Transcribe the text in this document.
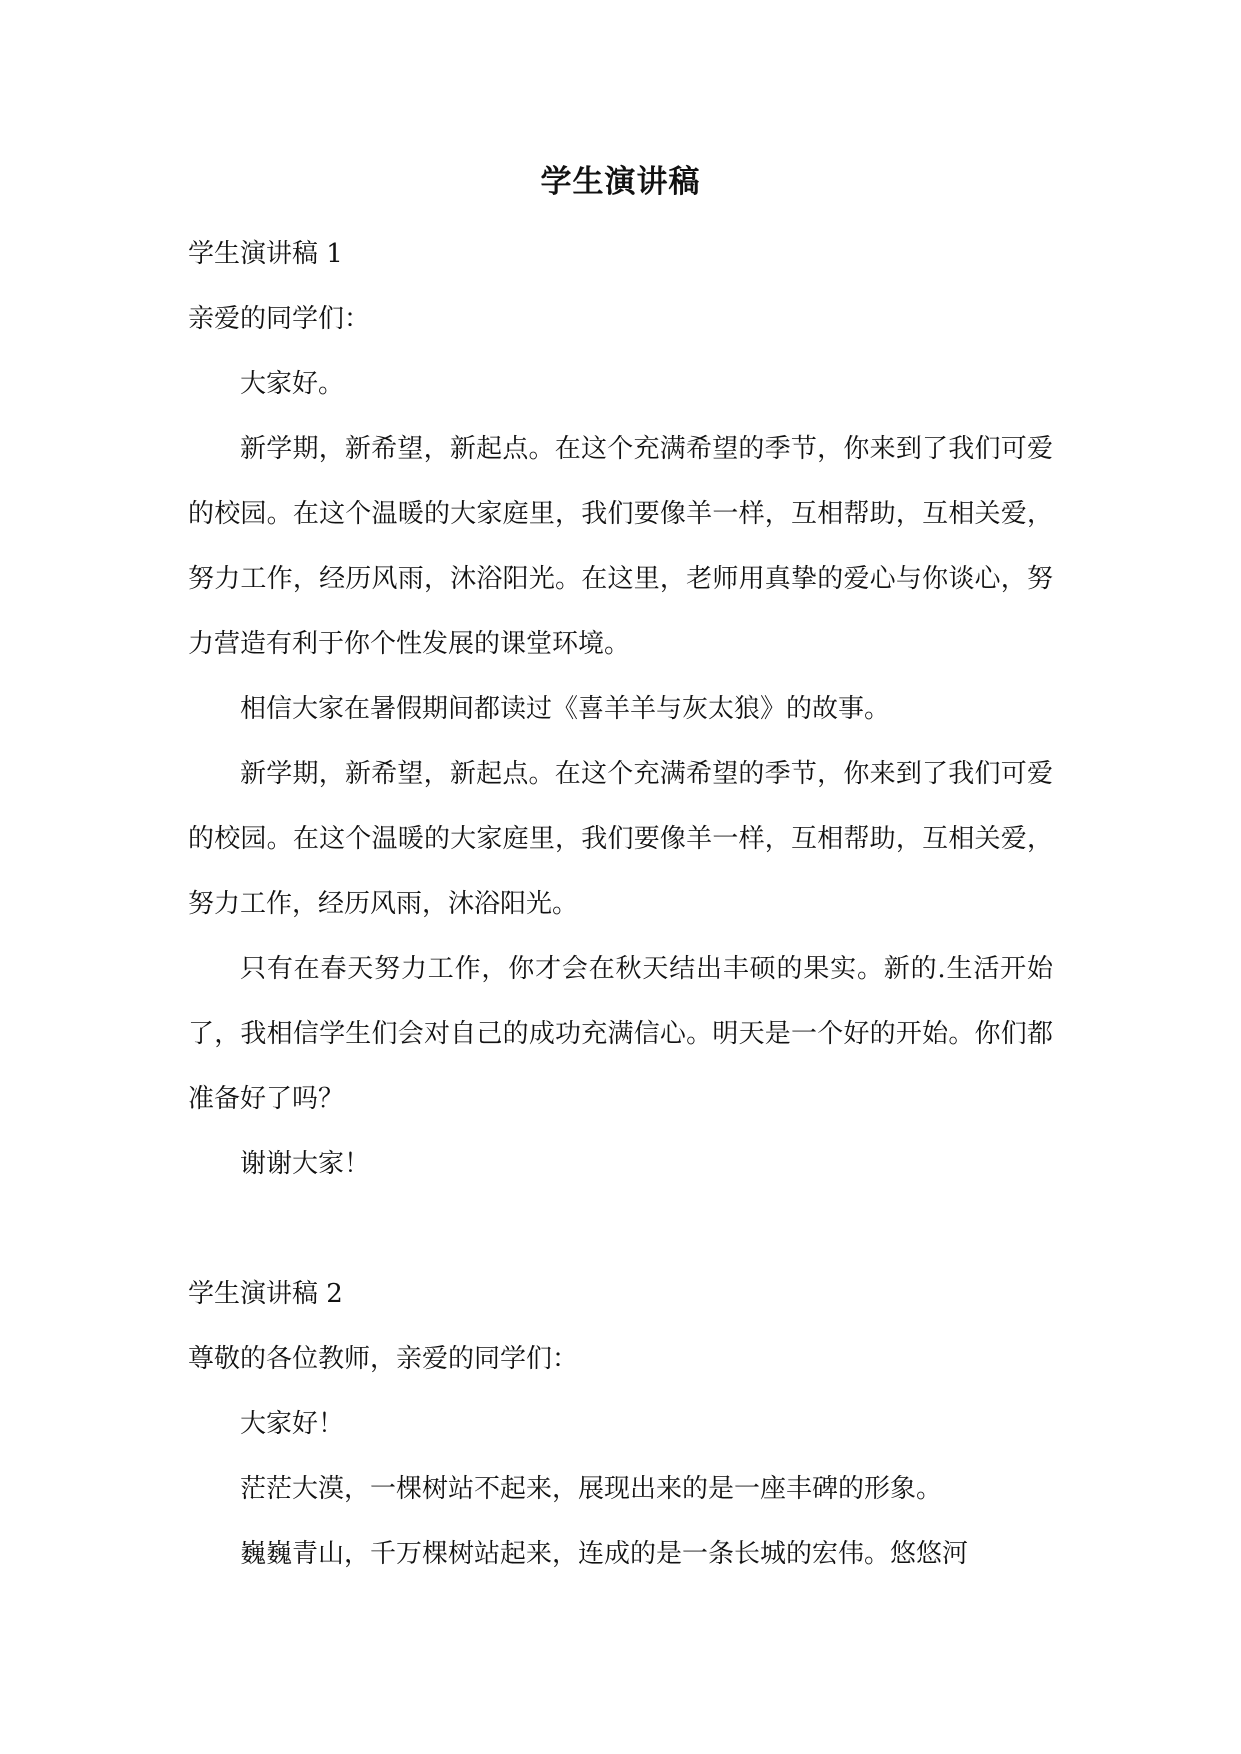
学生演讲稿

学生演讲稿 1

亲爱的同学们：

大家好。

新学期，新希望，新起点。在这个充满希望的季节，你来到了我们可爱的校园。在这个温暖的大家庭里，我们要像羊一样，互相帮助，互相关爱，努力工作，经历风雨，沐浴阳光。在这里，老师用真挚的爱心与你谈心，努力营造有利于你个性发展的课堂环境。

相信大家在暑假期间都读过《喜羊羊与灰太狼》的故事。

新学期，新希望，新起点。在这个充满希望的季节，你来到了我们可爱的校园。在这个温暖的大家庭里，我们要像羊一样，互相帮助，互相关爱，努力工作，经历风雨，沐浴阳光。

只有在春天努力工作，你才会在秋天结出丰硕的果实。新的.生活开始了，我相信学生们会对自己的成功充满信心。明天是一个好的开始。你们都准备好了吗？

谢谢大家！

学生演讲稿 2

尊敬的各位教师，亲爱的同学们：

大家好！

茫茫大漠，一棵树站不起来，展现出来的是一座丰碑的形象。

巍巍青山，千万棵树站起来，连成的是一条长城的宏伟。悠悠河
